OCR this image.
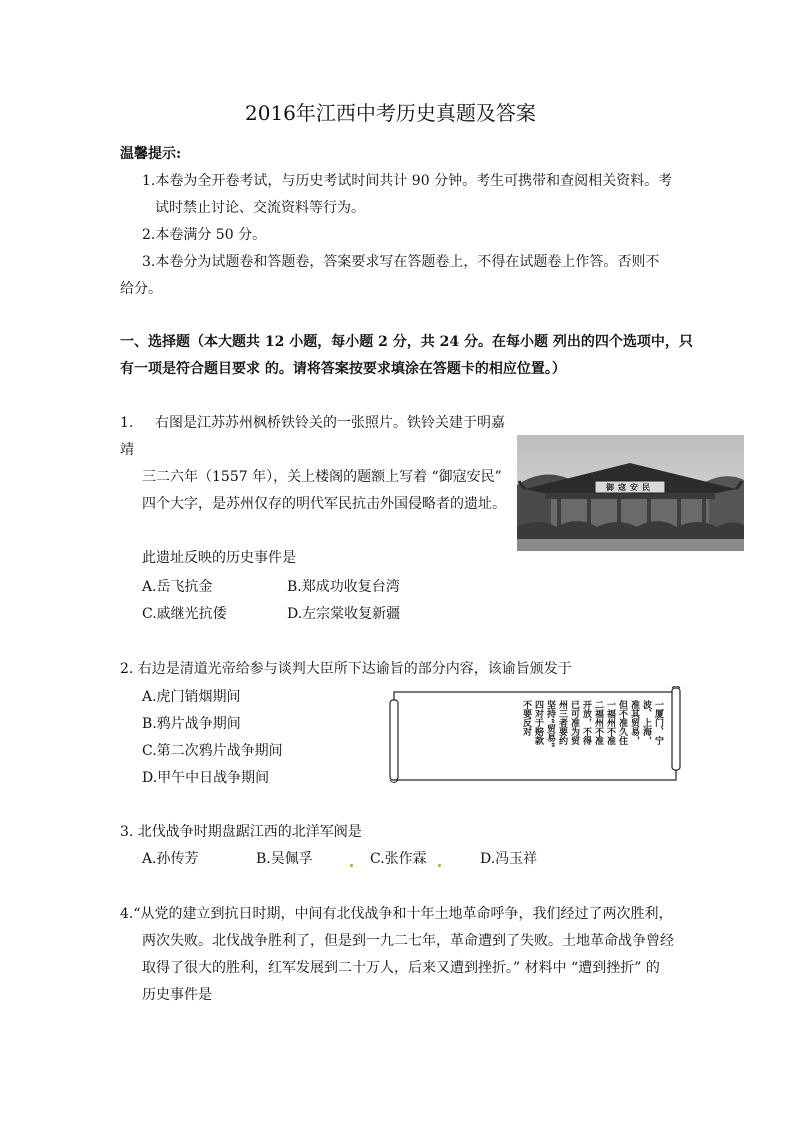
2016年江西中考历史真题及答案
温馨提示:
1.本卷为全开卷考试，与历史考试时间共计 90 分钟。考生可携带和查阅相关资料。考
试时禁止讨论、交流资料等行为。
2.本卷满分 50 分。
3.本卷分为试题卷和答题卷，答案要求写在答题卷上，不得在试题卷上作答。否则不
给分。
一、选择题（本大题共 12 小题，每小题 2 分，共 24 分。在每小题 列出的四个选项中，只
有一项是符合题目要求 的。请将答案按要求填涂在答题卡的相应位置。）
1. 右图是江苏苏州枫桥铁铃关的一张照片。铁铃关建于明嘉
靖
三二六年（1557 年），关上楼阁的题额上写着 “御寇安民”
四个大字，是苏州仅存的明代军民抗击外国侵略者的遗址。
此遗址反映的历史事件是
A.岳飞抗金	B.郑成功收复台湾
C.戚继光抗倭	D.左宗棠收复新疆
御寇安民
2. 右边是清道光帝给参与谈判大臣所下达谕旨的部分内容，该谕旨颁发于
A.虎门销烟期间
B.鸦片战争期间
C.第二次鸦片战争期间
D.甲午中日战争期间
一厦门、宁
波、上海，
准其贸易，
但不准久住
一福州不准
二福州不准
开放，不得
已可准为贸
州三者要约
坚持“贸易”
四对于赔款
不要反对
3. 北伐战争时期盘踞江西的北洋军阀是
A.孙传芳	B.吴佩孚	C.张作霖	D.冯玉祥
4.“从党的建立到抗日时期，中间有北伐战争和十年土地革命呼争，我们经过了两次胜利，
两次失败。北伐战争胜利了，但是到一九二七年，革命遭到了失败。土地革命战争曾经
取得了很大的胜利，红军发展到二十万人，后来又遭到挫折。” 材料中 “遭到挫折” 的
历史事件是
